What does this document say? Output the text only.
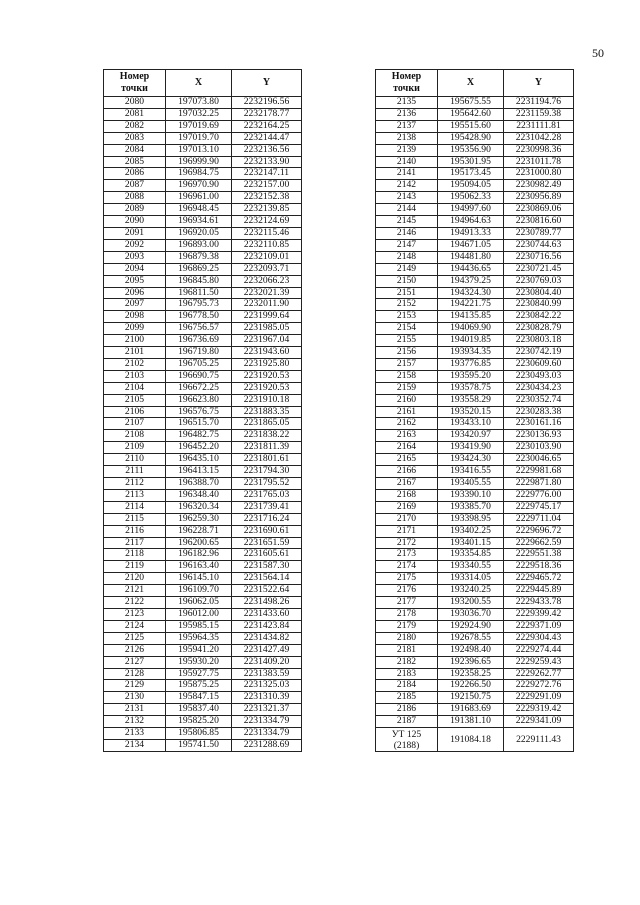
50
Номер
точки	X	Y
2080	197073.80	2232196.56
2081	197032.25	2232178.77
2082	197019.69	2232164.25
2083	197019.70	2232144.47
2084	197013.10	2232136.56
2085	196999.90	2232133.90
2086	196984.75	2232147.11
2087	196970.90	2232157.00
2088	196961.00	2232152.38
2089	196948.45	2232139.85
2090	196934.61	2232124.69
2091	196920.05	2232115.46
2092	196893.00	2232110.85
2093	196879.38	2232109.01
2094	196869.25	2232093.71
2095	196845.80	2232066.23
2096	196811.50	2232021.39
2097	196795.73	2232011.90
2098	196778.50	2231999.64
2099	196756.57	2231985.05
2100	196736.69	2231967.04
2101	196719.80	2231943.60
2102	196705.25	2231925.80
2103	196690.75	2231920.53
2104	196672.25	2231920.53
2105	196623.80	2231910.18
2106	196576.75	2231883.35
2107	196515.70	2231865.05
2108	196482.75	2231838.22
2109	196452.20	2231811.39
2110	196435.10	2231801.61
2111	196413.15	2231794.30
2112	196388.70	2231795.52
2113	196348.40	2231765.03
2114	196320.34	2231739.41
2115	196259.30	2231716.24
2116	196228.71	2231690.61
2117	196200.65	2231651.59
2118	196182.96	2231605.61
2119	196163.40	2231587.30
2120	196145.10	2231564.14
2121	196109.70	2231522.64
2122	196062.05	2231498.26
2123	196012.00	2231433.60
2124	195985.15	2231423.84
2125	195964.35	2231434.82
2126	195941.20	2231427.49
2127	195930.20	2231409.20
2128	195927.75	2231383.59
2129	195875.25	2231325.03
2130	195847.15	2231310.39
2131	195837.40	2231321.37
2132	195825.20	2231334.79
2133	195806.85	2231334.79
2134	195741.50	2231288.69
Номер
точки	X	Y
2135	195675.55	2231194.76
2136	195642.60	2231159.38
2137	195515.60	2231111.81
2138	195428.90	2231042.28
2139	195356.90	2230998.36
2140	195301.95	2231011.78
2141	195173.45	2231000.80
2142	195094.05	2230982.49
2143	195062.33	2230956.89
2144	194997.60	2230869.06
2145	194964.63	2230816.60
2146	194913.33	2230789.77
2147	194671.05	2230744.63
2148	194481.80	2230716.56
2149	194436.65	2230721.45
2150	194379.25	2230769.03
2151	194324.30	2230804.40
2152	194221.75	2230840.99
2153	194135.85	2230842.22
2154	194069.90	2230828.79
2155	194019.85	2230803.18
2156	193934.35	2230742.19
2157	193776.85	2230609.60
2158	193595.20	2230493.03
2159	193578.75	2230434.23
2160	193558.29	2230352.74
2161	193520.15	2230283.38
2162	193433.10	2230161.16
2163	193420.97	2230136.93
2164	193419.90	2230103.90
2165	193424.30	2230046.65
2166	193416.55	2229981.68
2167	193405.55	2229871.80
2168	193390.10	2229776.00
2169	193385.70	2229745.17
2170	193398.95	2229711.04
2171	193402.25	2229696.72
2172	193401.15	2229662.59
2173	193354.85	2229551.38
2174	193340.55	2229518.36
2175	193314.05	2229465.72
2176	193240.25	2229445.89
2177	193200.55	2229433.78
2178	193036.70	2229399.42
2179	192924.90	2229371.09
2180	192678.55	2229304.43
2181	192498.40	2229274.44
2182	192396.65	2229259.43
2183	192358.25	2229262.77
2184	192266.50	2229272.76
2185	192150.75	2229291.09
2186	191683.69	2229319.42
2187	191381.10	2229341.09
УТ 125
(2188)	191084.18	2229111.43
